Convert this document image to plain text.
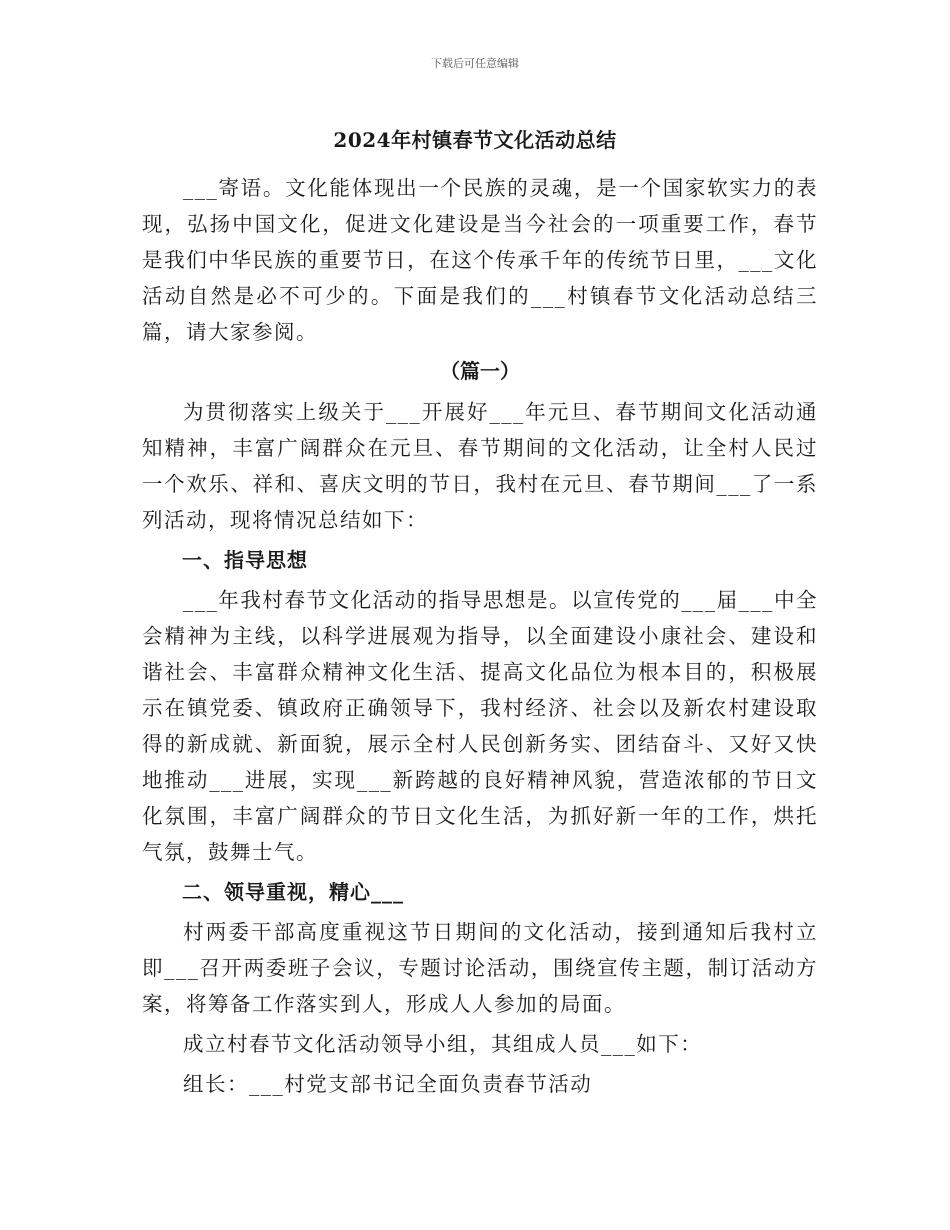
下载后可任意编辑
2024年村镇春节文化活动总结

___寄语。文化能体现出一个民族的灵魂，是一个国家软实力的表现，弘扬中国文化，促进文化建设是当今社会的一项重要工作，春节是我们中华民族的重要节日，在这个传承千年的传统节日里，___文化活动自然是必不可少的。下面是我们的___村镇春节文化活动总结三篇，请大家参阅。

（篇一）

为贯彻落实上级关于___开展好___年元旦、春节期间文化活动通知精神，丰富广阔群众在元旦、春节期间的文化活动，让全村人民过一个欢乐、祥和、喜庆文明的节日，我村在元旦、春节期间___了一系列活动，现将情况总结如下：

一、指导思想

___年我村春节文化活动的指导思想是。以宣传党的___届___中全会精神为主线，以科学进展观为指导，以全面建设小康社会、建设和谐社会、丰富群众精神文化生活、提高文化品位为根本目的，积极展示在镇党委、镇政府正确领导下，我村经济、社会以及新农村建设取得的新成就、新面貌，展示全村人民创新务实、团结奋斗、又好又快地推动___进展，实现___新跨越的良好精神风貌，营造浓郁的节日文化氛围，丰富广阔群众的节日文化生活，为抓好新一年的工作，烘托气氛，鼓舞士气。

二、领导重视，精心___

村两委干部高度重视这节日期间的文化活动，接到通知后我村立即___召开两委班子会议，专题讨论活动，围绕宣传主题，制订活动方案，将筹备工作落实到人，形成人人参加的局面。

成立村春节文化活动领导小组，其组成人员___如下：

组长：___村党支部书记全面负责春节活动
